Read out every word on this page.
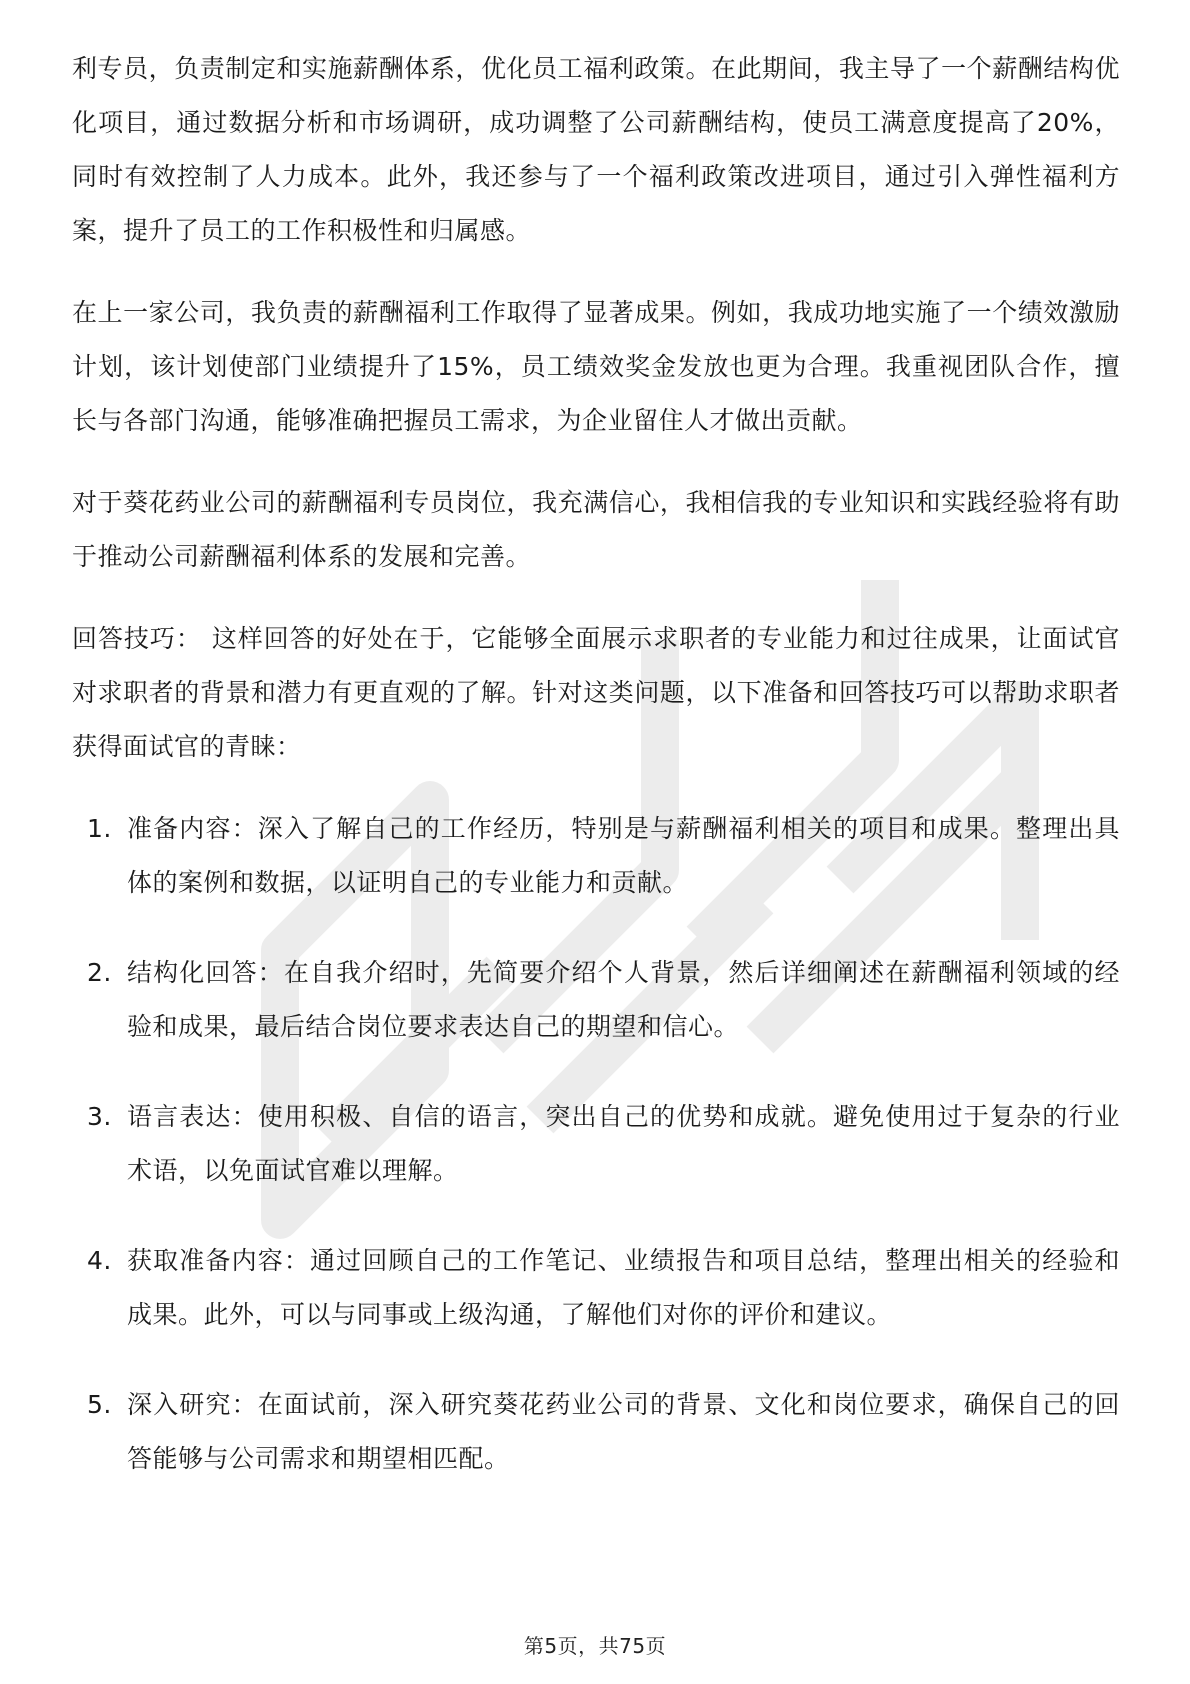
利专员，负责制定和实施薪酬体系，优化员工福利政策。在此期间，我主导了一个薪酬结构优化项目，通过数据分析和市场调研，成功调整了公司薪酬结构，使员工满意度提高了20%，同时有效控制了人力成本。此外，我还参与了一个福利政策改进项目，通过引入弹性福利方案，提升了员工的工作积极性和归属感。

在上一家公司，我负责的薪酬福利工作取得了显著成果。例如，我成功地实施了一个绩效激励计划，该计划使部门业绩提升了15%，员工绩效奖金发放也更为合理。我重视团队合作，擅长与各部门沟通，能够准确把握员工需求，为企业留住人才做出贡献。

对于葵花药业公司的薪酬福利专员岗位，我充满信心，我相信我的专业知识和实践经验将有助于推动公司薪酬福利体系的发展和完善。

回答技巧： 这样回答的好处在于，它能够全面展示求职者的专业能力和过往成果，让面试官对求职者的背景和潜力有更直观的了解。针对这类问题，以下准备和回答技巧可以帮助求职者获得面试官的青睐：

1. 准备内容：深入了解自己的工作经历，特别是与薪酬福利相关的项目和成果。整理出具体的案例和数据，以证明自己的专业能力和贡献。
2. 结构化回答：在自我介绍时，先简要介绍个人背景，然后详细阐述在薪酬福利领域的经验和成果，最后结合岗位要求表达自己的期望和信心。
3. 语言表达：使用积极、自信的语言，突出自己的优势和成就。避免使用过于复杂的行业术语，以免面试官难以理解。
4. 获取准备内容：通过回顾自己的工作笔记、业绩报告和项目总结，整理出相关的经验和成果。此外，可以与同事或上级沟通，了解他们对你的评价和建议。
5. 深入研究：在面试前，深入研究葵花药业公司的背景、文化和岗位要求，确保自己的回答能够与公司需求和期望相匹配。
第5页，共75页
